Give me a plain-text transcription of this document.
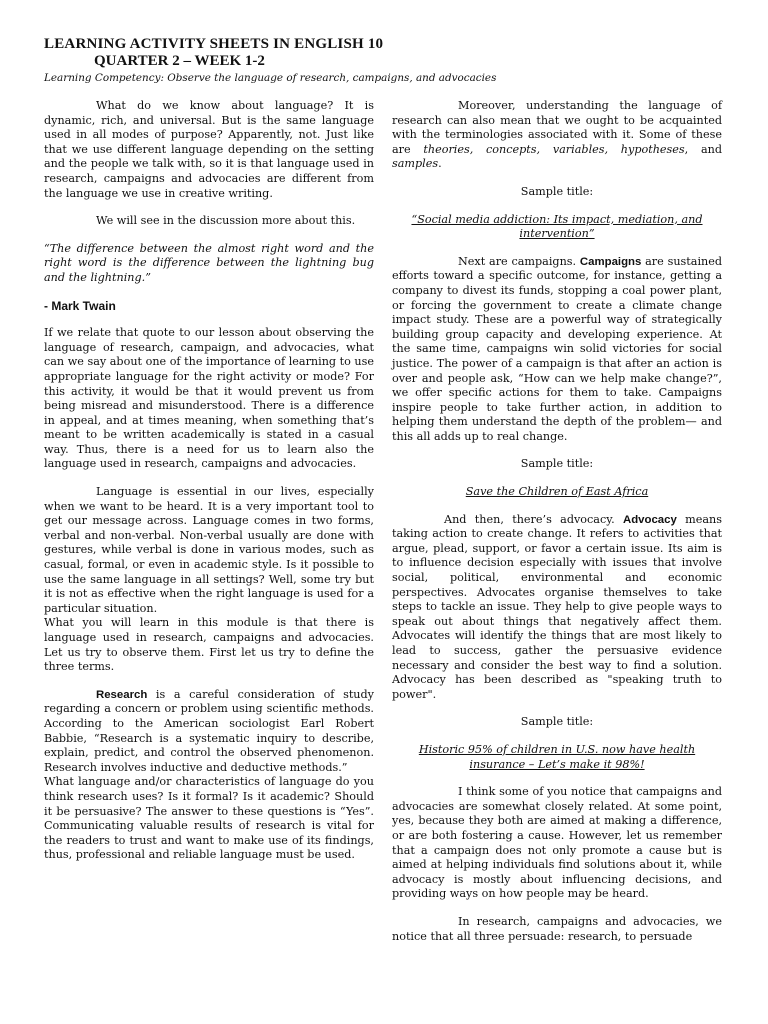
LEARNING ACTIVITY SHEETS IN ENGLISH 10
QUARTER 2 – WEEK 1-2

Learning Competency: Observe the language of research, campaigns, and advocacies

What do we know about language? It is dynamic, rich, and universal. But is the same language used in all modes of purpose? Apparently, not. Just like that we use different language depending on the setting and the people we talk with, so it is that language used in research, campaigns and advocacies are different from the language we use in creative writing.

We will see in the discussion more about this.

“The difference between the almost right word and the right word is the difference between the lightning bug and the lightning.”

- Mark Twain

If we relate that quote to our lesson about observing the language of research, campaign, and advocacies, what can we say about one of the importance of learning to use appropriate language for the right activity or mode? For this activity, it would be that it would prevent us from being misread and misunderstood. There is a difference in appeal, and at times meaning, when something that’s meant to be written academically is stated in a casual way. Thus, there is a need for us to learn also the language used in research, campaigns and advocacies.

Language is essential in our lives, especially when we want to be heard. It is a very important tool to get our message across. Language comes in two forms, verbal and non-verbal. Non-verbal usually are done with gestures, while verbal is done in various modes, such as casual, formal, or even in academic style. Is it possible to use the same language in all settings? Well, some try but it is not as effective when the right language is used for a particular situation.

What you will learn in this module is that there is language used in research, campaigns and advocacies. Let us try to observe them. First let us try to define the three terms.

Research is a careful consideration of study regarding a concern or problem using scientific methods. According to the American sociologist Earl Robert Babbie, “Research is a systematic inquiry to describe, explain, predict, and control the observed phenomenon. Research involves inductive and deductive methods.”

What language and/or characteristics of language do you think research uses? Is it formal? Is it academic? Should it be persuasive? The answer to these questions is “Yes”. Communicating valuable results of research is vital for the readers to trust and want to make use of its findings, thus, professional and reliable language must be used.

Moreover, understanding the language of research can also mean that we ought to be acquainted with the terminologies associated with it. Some of these are theories, concepts, variables, hypotheses, and samples.

Sample title:

“Social media addiction: Its impact, mediation, and intervention”

Next are campaigns. Campaigns are sustained efforts toward a specific outcome, for instance, getting a company to divest its funds, stopping a coal power plant, or forcing the government to create a climate change impact study. These are a powerful way of strategically building group capacity and developing experience. At the same time, campaigns win solid victories for social justice. The power of a campaign is that after an action is over and people ask, “How can we help make change?”, we offer specific actions for them to take. Campaigns inspire people to take further action, in addition to helping them understand the depth of the problem— and this all adds up to real change.

Sample title:

Save the Children of East Africa

And then, there’s advocacy. Advocacy means taking action to create change. It refers to activities that argue, plead, support, or favor a certain issue. Its aim is to influence decision especially with issues that involve social, political, environmental and economic perspectives. Advocates organise themselves to take steps to tackle an issue. They help to give people ways to speak out about things that negatively affect them. Advocates will identify the things that are most likely to lead to success, gather the persuasive evidence necessary and consider the best way to find a solution. Advocacy has been described as "speaking truth to power".

Sample title:

Historic 95% of children in U.S. now have health insurance – Let’s make it 98%!

I think some of you notice that campaigns and advocacies are somewhat closely related. At some point, yes, because they both are aimed at making a difference, or are both fostering a cause. However, let us remember that a campaign does not only promote a cause but is aimed at helping individuals find solutions about it, while advocacy is mostly about influencing decisions, and providing ways on how people may be heard.

In research, campaigns and advocacies, we notice that all three persuade: research, to persuade
